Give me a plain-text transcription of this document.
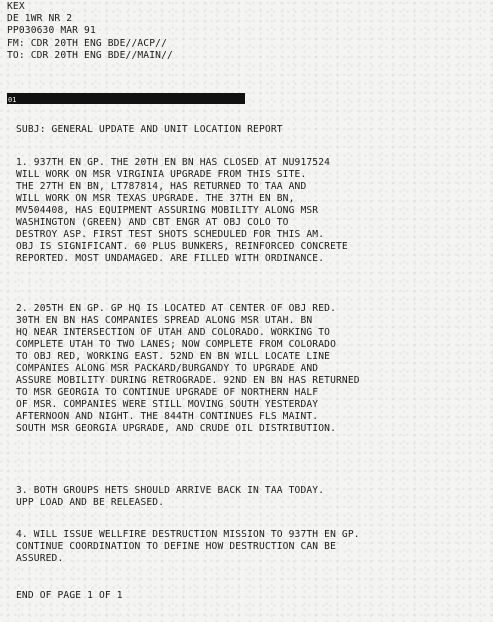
KEX
DE 1WR NR 2
PP030630 MAR 91
FM: CDR 20TH ENG BDE//ACP//
TO: CDR 20TH ENG BDE//MAIN//
01
SUBJ: GENERAL UPDATE AND UNIT LOCATION REPORT
1. 937TH EN GP. THE 20TH EN BN HAS CLOSED AT NU917524
WILL WORK ON MSR VIRGINIA UPGRADE FROM THIS SITE.
THE 27TH EN BN, LT787814, HAS RETURNED TO TAA AND
WILL WORK ON MSR TEXAS UPGRADE. THE 37TH EN BN,
MV504408, HAS EQUIPMENT ASSURING MOBILITY ALONG MSR
WASHINGTON (GREEN) AND CBT ENGR AT OBJ COLO TO
DESTROY ASP. FIRST TEST SHOTS SCHEDULED FOR THIS AM.
OBJ IS SIGNIFICANT. 60 PLUS BUNKERS, REINFORCED CONCRETE
REPORTED. MOST UNDAMAGED. ARE FILLED WITH ORDINANCE.
2. 205TH EN GP. GP HQ IS LOCATED AT CENTER OF OBJ RED.
30TH EN BN HAS COMPANIES SPREAD ALONG MSR UTAH. BN
HQ NEAR INTERSECTION OF UTAH AND COLORADO. WORKING TO
COMPLETE UTAH TO TWO LANES; NOW COMPLETE FROM COLORADO
TO OBJ RED, WORKING EAST. 52ND EN BN WILL LOCATE LINE
COMPANIES ALONG MSR PACKARD/BURGANDY TO UPGRADE AND
ASSURE MOBILITY DURING RETROGRADE. 92ND EN BN HAS RETURNED
TO MSR GEORGIA TO CONTINUE UPGRADE OF NORTHERN HALF
OF MSR. COMPANIES WERE STILL MOVING SOUTH YESTERDAY
AFTERNOON AND NIGHT. THE 844TH CONTINUES FLS MAINT.
SOUTH MSR GEORGIA UPGRADE, AND CRUDE OIL DISTRIBUTION.
3. BOTH GROUPS HETS SHOULD ARRIVE BACK IN TAA TODAY.
UPP LOAD AND BE RELEASED.
4. WILL ISSUE WELLFIRE DESTRUCTION MISSION TO 937TH EN GP.
CONTINUE COORDINATION TO DEFINE HOW DESTRUCTION CAN BE
ASSURED.
END OF PAGE 1 OF 1
